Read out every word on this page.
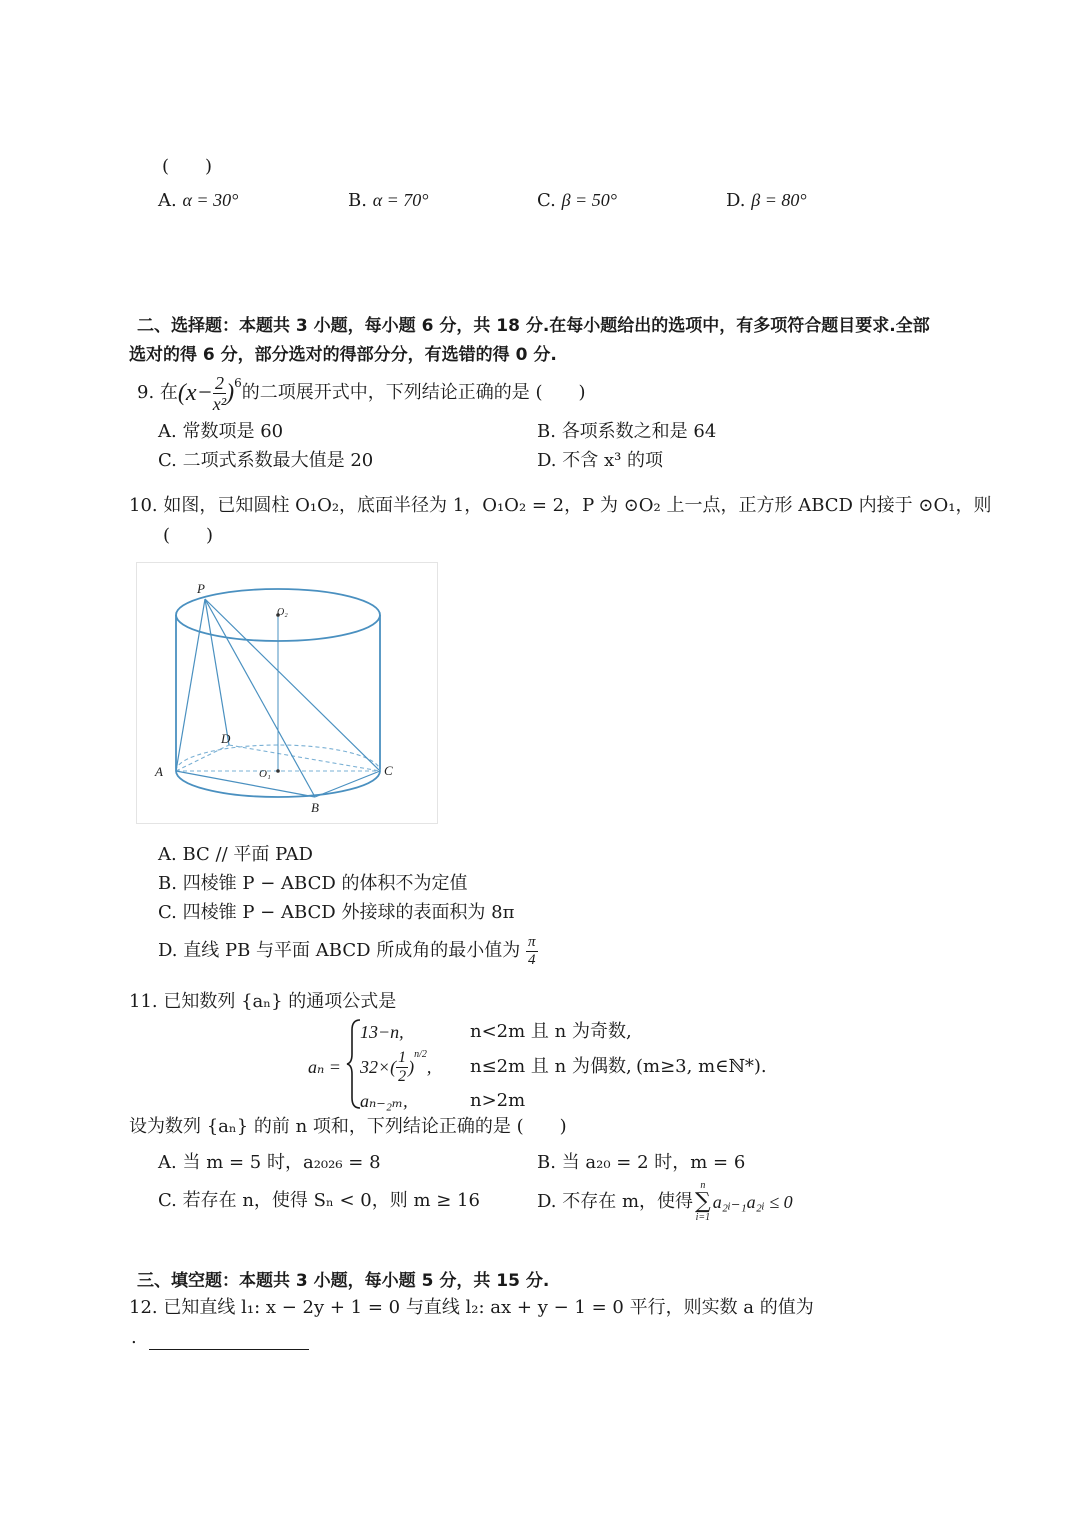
(　　)
A. α = 30°	B. α = 70°	C. β = 50°	D. β = 80°
二、选择题：本题共 3 小题，每小题 6 分，共 18 分.在每小题给出的选项中，有多项符合题目要求.全部
选对的得 6 分，部分选对的得部分分，有选错的得 0 分.
9.
在 $(x- \frac{2}{\text{x²}} )^6$ 的二项展开式中，下列结论正确的是 (　　)
A. 常数项是 60	B. 各项系数之和是 64
C. 二项式系数最大值是 20	D. 不含 x³ 的项
10. 如图，已知圆柱 O₁O₂，底面半径为 1，O₁O₂ = 2，P 为 ⊙O₂ 上一点，正方形 ABCD 内接于 ⊙O₁，则
(　　)
P
O₂
D
A	O₁	C
B
A. BC // 平面 PAD
B. 四棱锥 P − ABCD 的体积不为定值
C. 四棱锥 P − ABCD 外接球的表面积为 8π
D.
直线 PB 与平面 ABCD 所成角的最小值为
$\frac{\pi}{4}$
11. 已知数列 {aₙ} 的通项公式是
aₙ =
13−n,	n<2m 且 n 为奇数,
$32\times( \frac{1}{2}$ )
$^{n/2}$
, n≤2m 且 n 为偶数,
aₙ₋₂ₘ,	n>2m
(m≥3, m∈ℕ*).
设为数列 {aₙ} 的前 n 项和，下列结论正确的是 (　　)
A. 当 m = 5 时，a₂₀₂₆ = 8	B. 当 a₂₀ = 2 时，m = 6
C. 若存在 n，使得 Sₙ < 0，则 m ≥ 16	D.
不存在 m，使得
n
∑
i=1
a₂ᵢ₋₁a₂ᵢ ≤ 0
三、填空题：本题共 3 小题，每小题 5 分，共 15 分.
12. 已知直线 l₁: x − 2y + 1 = 0 与直线 l₂: ax + y − 1 = 0 平行，则实数 a 的值为
.
